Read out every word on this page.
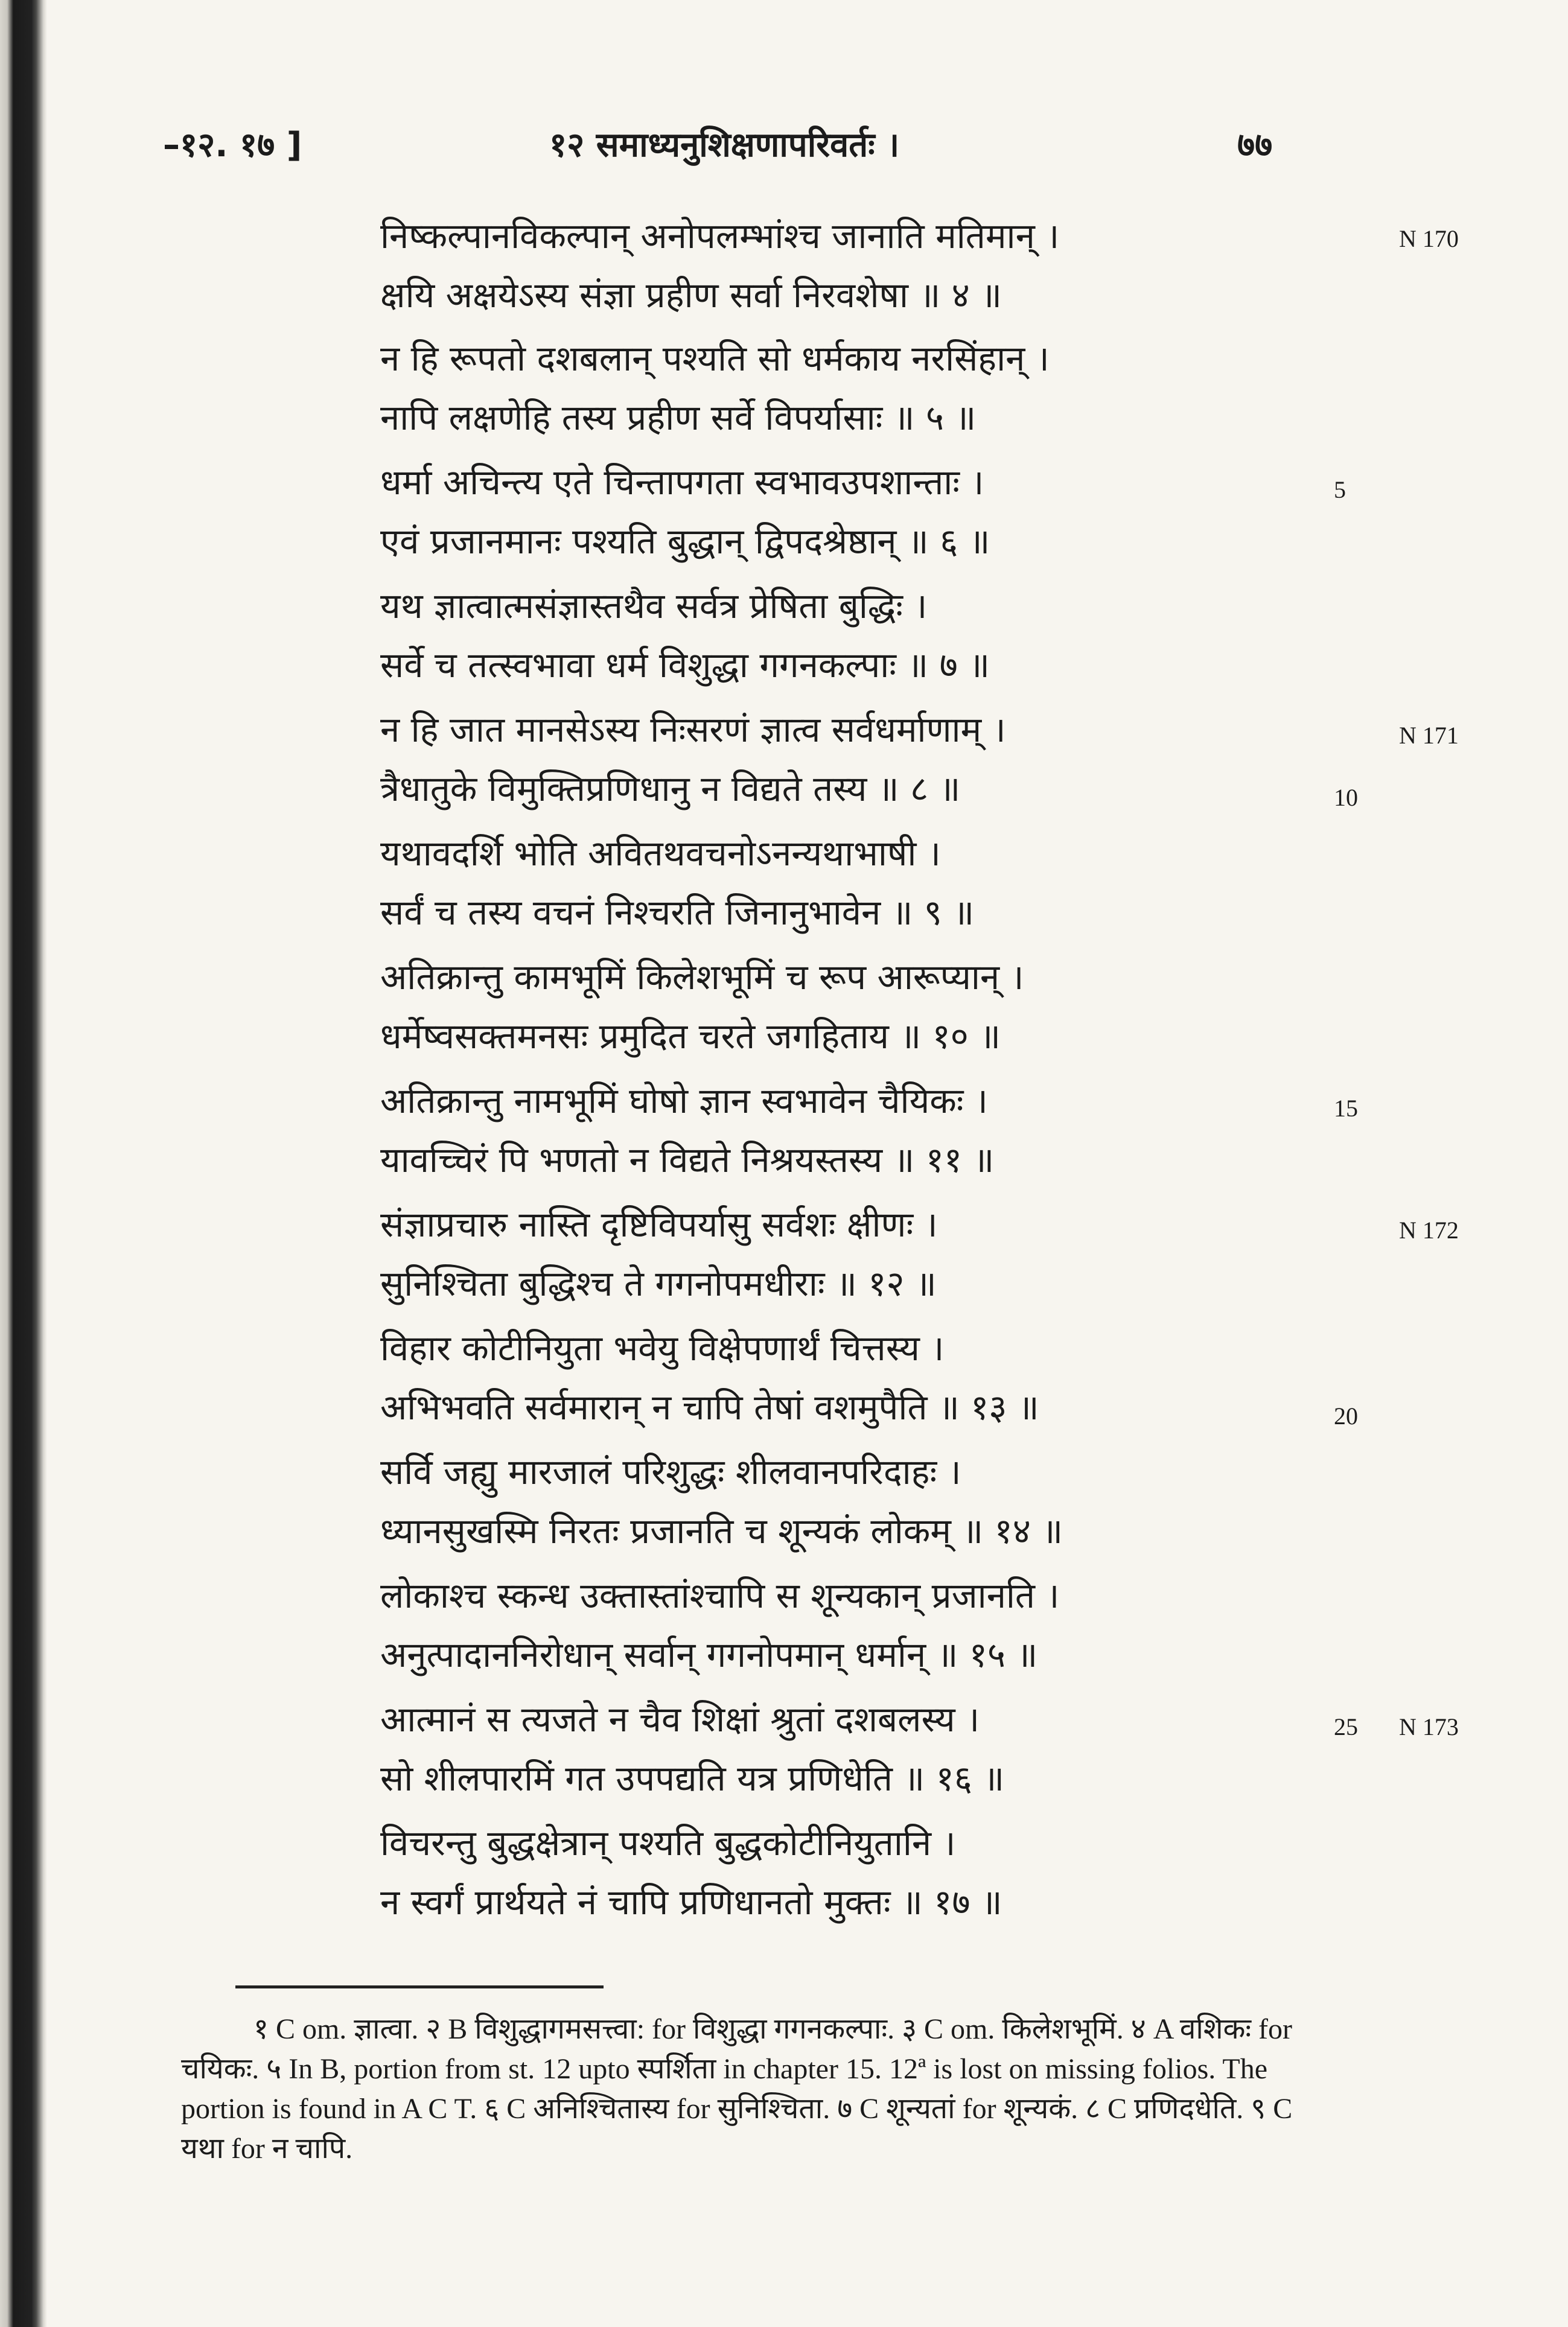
–१२. १७ ]	१२ समाध्यनुशिक्षणापरिवर्तः ।	७७
निष्कल्पानविकल्पान् अनोपलम्भांश्च जानाति मतिमान् ।
क्षयि अक्षयेऽस्य संज्ञा प्रहीण सर्वा निरवशेषा ॥ ४ ॥
न हि रूपतो दशबलान् पश्यति सो धर्मकाय नरसिंहान् ।
नापि लक्षणेहि तस्य प्रहीण सर्वे विपर्यासाः ॥ ५ ॥
धर्मा अचिन्त्य एते चिन्तापगता स्वभावउपशान्ताः ।
एवं प्रजानमानः पश्यति बुद्धान् द्विपदश्रेष्ठान् ॥ ६ ॥
यथ ज्ञात्वात्मसंज्ञास्तथैव सर्वत्र प्रेषिता बुद्धिः ।
सर्वे च तत्स्वभावा धर्म विशुद्धा गगनकल्पाः ॥ ७ ॥
न हि जात मानसेऽस्य निःसरणं ज्ञात्व सर्वधर्माणाम् ।
त्रैधातुके विमुक्तिप्रणिधानु न विद्यते तस्य ॥ ८ ॥
यथावदर्शि भोति अवितथवचनोऽनन्यथाभाषी ।
सर्वं च तस्य वचनं निश्चरति जिनानुभावेन ॥ ९ ॥
अतिक्रान्तु कामभूमिं किलेशभूमिं च रूप आरूप्यान् ।
धर्मेष्वसक्तमनसः प्रमुदित चरते जगहिताय ॥ १० ॥
अतिक्रान्तु नामभूमिं घोषो ज्ञान स्वभावेन चैयिकः ।
यावच्चिरं पि भणतो न विद्यते निश्रयस्तस्य ॥ ११ ॥
संज्ञाप्रचारु नास्ति दृष्टिविपर्यासु सर्वशः क्षीणः ।
सुनिश्चिता बुद्धिश्च ते गगनोपमधीराः ॥ १२ ॥
विहार कोटीनियुता भवेयु विक्षेपणार्थं चित्तस्य ।
अभिभवति सर्वमारान् न चापि तेषां वशमुपैति ॥ १३ ॥
सर्वि जह्यु मारजालं परिशुद्धः शीलवानपरिदाहः ।
ध्यानसुखस्मि निरतः प्रजानति च शून्यकं लोकम् ॥ १४ ॥
लोकाश्च स्कन्ध उक्तास्तांश्चापि स शून्यकान् प्रजानति ।
अनुत्पादाननिरोधान् सर्वान् गगनोपमान् धर्मान् ॥ १५ ॥
आत्मानं स त्यजते न चैव शिक्षां श्रुतां दशबलस्य ।
सो शीलपारमिं गत उपपद्यति यत्र प्रणिधेति ॥ १६ ॥
विचरन्तु बुद्धक्षेत्रान् पश्यति बुद्धकोटीनियुतानि ।
न स्वर्गं प्रार्थयते नं चापि प्रणिधानतो मुक्तः ॥ १७ ॥
5
10
15
20
25
N 170
N 171
N 172
N 173

१ C om. ज्ञात्वा. २ B विशुद्धागमसत्त्वा: for विशुद्धा गगनकल्पाः. ३ C om. किलेशभूमिं. ४ A वशिकः for चयिकः. ५ In B, portion from st. 12 upto स्पर्शिता in chapter 15. 12ª is lost on missing folios. The portion is found in A C T. ६ C अनिश्चितास्य for सुनिश्चिता. ७ C शून्यतां for शून्यकं. ८ C प्रणिदधेति. ९ C यथा for न चापि.
